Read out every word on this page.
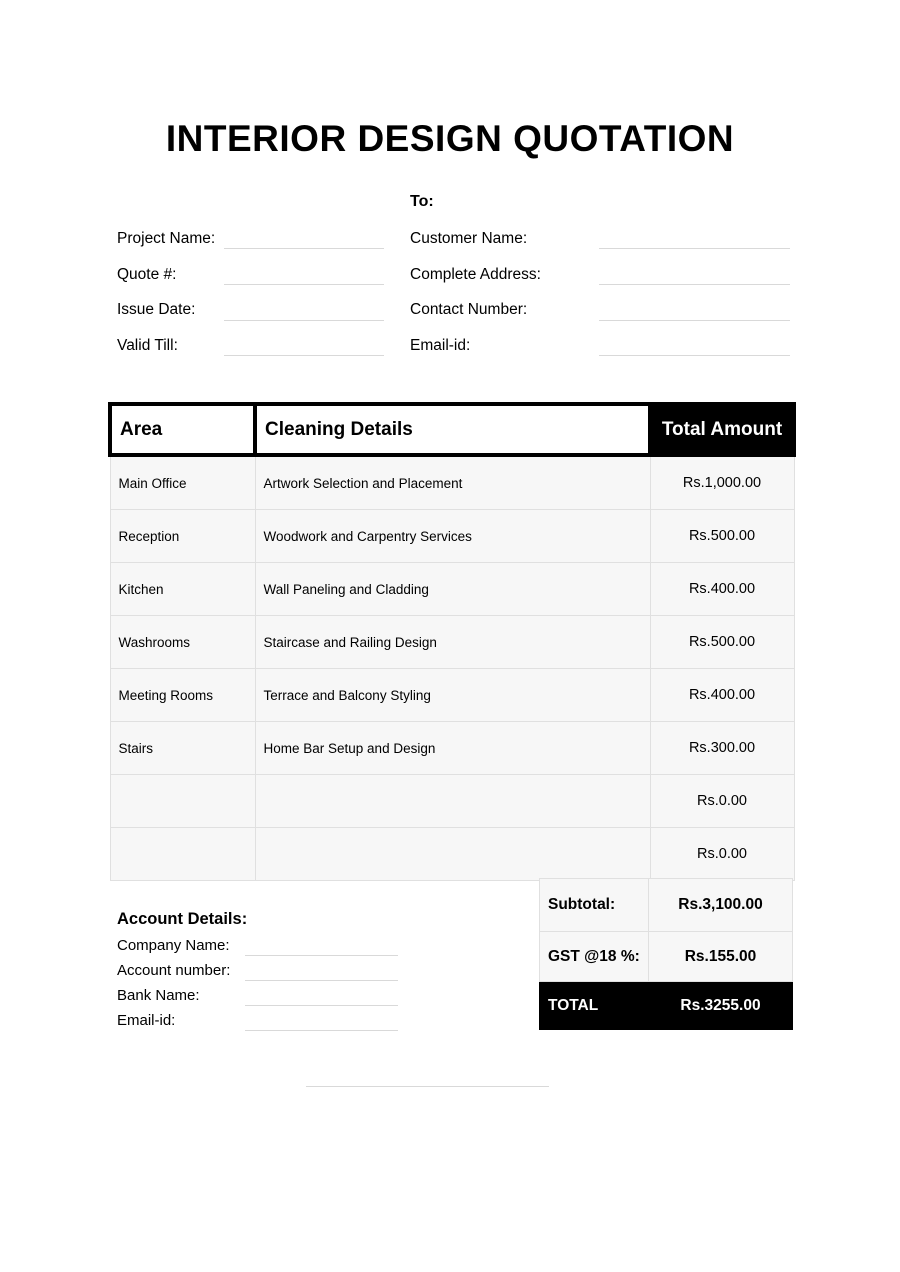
INTERIOR DESIGN QUOTATION
To:
Project Name:
Quote #:
Issue Date:
Valid Till:
Customer Name:
Complete Address:
Contact Number:
Email-id:
Area	Cleaning Details	Total Amount
Main Office	Artwork Selection and Placement	Rs.1,000.00
Reception	Woodwork and Carpentry Services	Rs.500.00
Kitchen	Wall Paneling and Cladding	Rs.400.00
Washrooms	Staircase and Railing Design	Rs.500.00
Meeting Rooms	Terrace and Balcony Styling	Rs.400.00
Stairs	Home Bar Setup and Design	Rs.300.00
		Rs.0.00
		Rs.0.00
Subtotal:	Rs.3,100.00
GST @18 %:	Rs.155.00
TOTAL	Rs.3255.00
Account Details:
Company Name:
Account number:
Bank Name:
Email-id:
